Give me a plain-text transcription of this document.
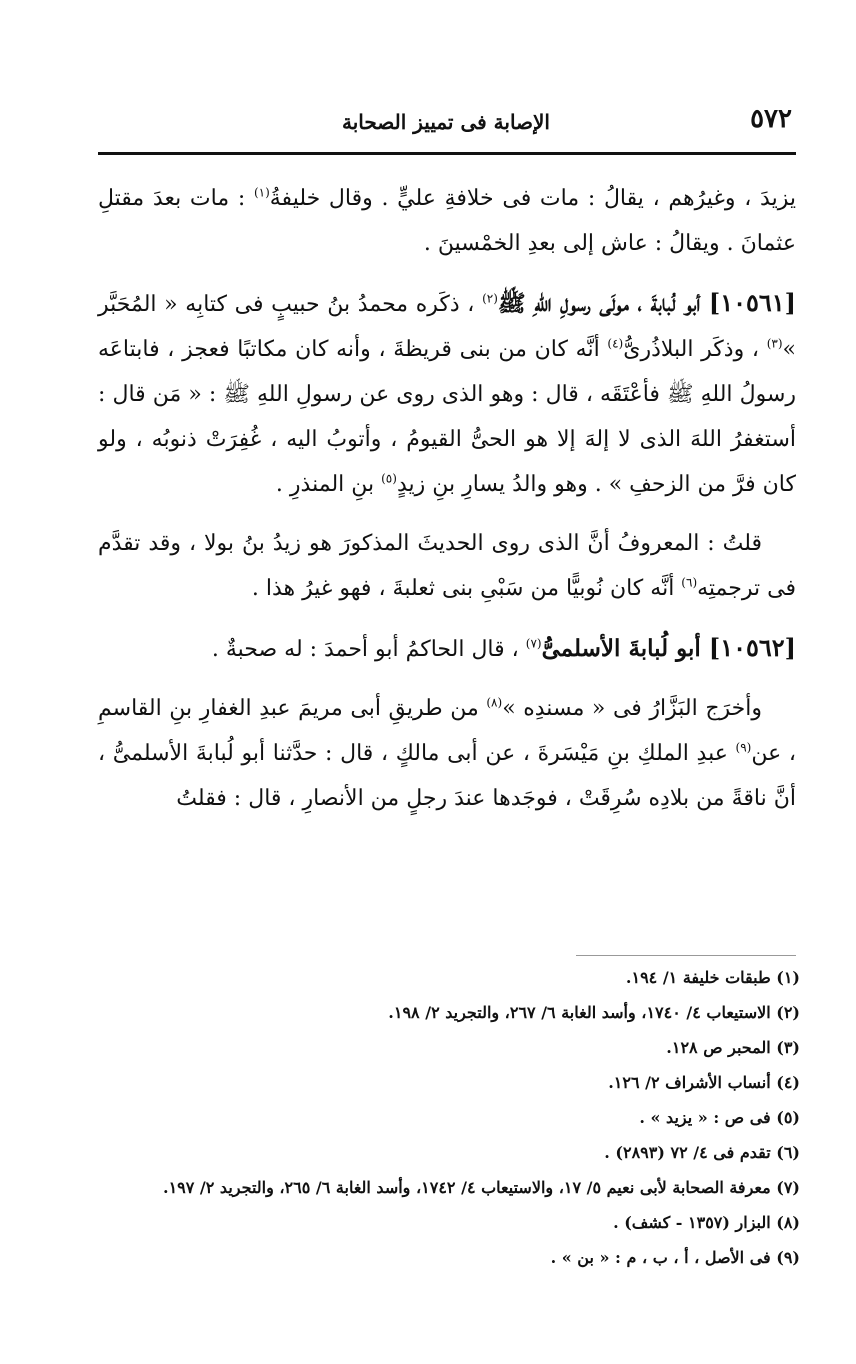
٥٧٢
الإصابة فى تمييز الصحابة

يزيدَ ، وغيرُهم ، يقالُ : مات فى خلافةِ عليٍّ . وقال خليفةُ$^{(١)}$ : مات بعدَ مقتلِ عثمانَ . ويقالُ : عاش إلى بعدِ الخمْسينَ .

[١٠٥٦١] أبو لُبابةَ ، مولَى رسولِ اللهِ ﷺ$^{(٢)}$ ، ذكَره محمدُ بنُ حبيبٍ فى كتابِه « المُحَبَّر »$^{(٣)}$ ، وذكَر البلاذُرىُّ$^{(٤)}$ أنَّه كان من بنى قريظةَ ، وأنه كان مكاتبًا فعجز ، فابتاعَه رسولُ اللهِ ﷺ فأعْتَقَه ، قال : وهو الذى روى عن رسولِ اللهِ ﷺ : « مَن قال : أستغفرُ اللهَ الذى لا إلهَ إلا هو الحىُّ القيومُ ، وأتوبُ اليه ، غُفِرَتْ ذنوبُه ، ولو كان فرَّ من الزحفِ » . وهو والدُ يسارِ بنِ زيدٍ$^{(٥)}$ بنِ المنذرِ .

قلتُ : المعروفُ أنَّ الذى روى الحديثَ المذكورَ هو زيدُ بنُ بولا ، وقد تقدَّم فى ترجمتِه$^{(٦)}$ أنَّه كان نُوبيًّا من سَبْىِ بنى ثعلبةَ ، فهو غيرُ هذا .

[١٠٥٦٢] أبو لُبابةَ الأسلمىُّ$^{(٧)}$ ، قال الحاكمُ أبو أحمدَ : له صحبةٌ .

وأخرَج البَزَّارُ فى « مسندِه »$^{(٨)}$ من طريقِ أبى مريمَ عبدِ الغفارِ بنِ القاسمِ ، عن$^{(٩)}$ عبدِ الملكِ بنِ مَيْسَرةَ ، عن أبى مالكٍ ، قال : حدَّثنا أبو لُبابةَ الأسلمىُّ ، أنَّ ناقةً من بلادِه سُرِقَتْ ، فوجَدها عندَ رجلٍ من الأنصارِ ، قال : فقلتُ

(١) طبقات خليفة ١/ ١٩٤.
(٢) الاستيعاب ٤/ ١٧٤٠، وأسد الغابة ٦/ ٢٦٧، والتجريد ٢/ ١٩٨.
(٣) المحبر ص ١٢٨.
(٤) أنساب الأشراف ٢/ ١٢٦.
(٥) فى ص : « يزيد » .
(٦) تقدم فى ٤/ ٧٢ (٢٨٩٣) .
(٧) معرفة الصحابة لأبى نعيم ٥/ ١٧، والاستيعاب ٤/ ١٧٤٢، وأسد الغابة ٦/ ٢٦٥، والتجريد ٢/ ١٩٧.
(٨) البزار (١٣٥٧ - كشف) .
(٩) فى الأصل ، أ ، ب ، م : « بن » .
